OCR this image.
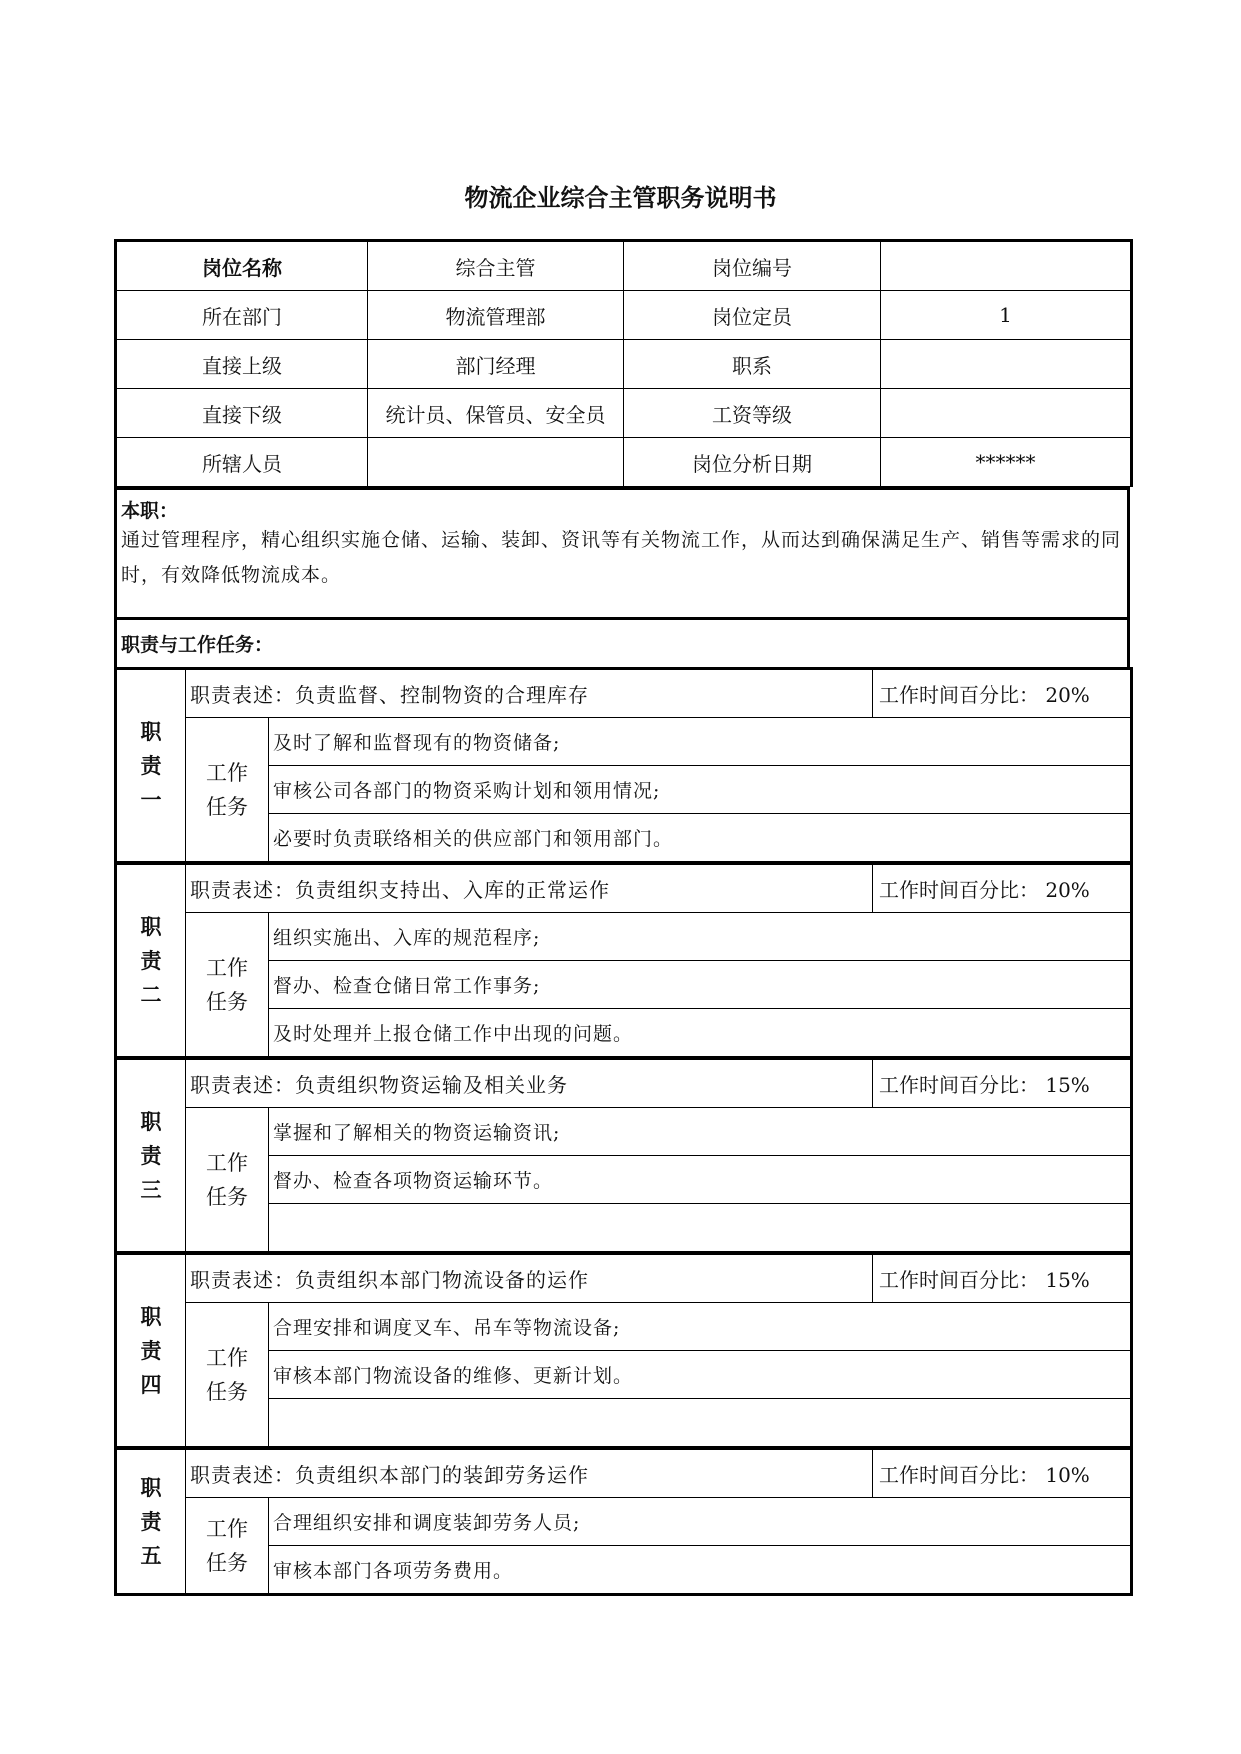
物流企业综合主管职务说明书
岗位名称	综合主管	岗位编号	
所在部门	物流管理部	岗位定员	1
直接上级	部门经理	职系	
直接下级	统计员、保管员、安全员	工资等级	
所辖人员		岗位分析日期	******
本职：
通过管理程序，精心组织实施仓储、运输、装卸、资讯等有关物流工作，从而达到确保满足生产、销售等需求的同时，有效降低物流成本。
职责与工作任务：
职
责
一	职责表述：负责监督、控制物资的合理库存		工作时间百分比： 20%

	工作
任务	及时了解和监督现有的物资储备;	
		审核公司各部门的物资采购计划和领用情况;	
		必要时负责联络相关的供应部门和领用部门。	
职
责
二	职责表述：负责组织支持出、入库的正常运作		工作时间百分比： 20%

	工作
任务	组织实施出、入库的规范程序;	
		督办、检查仓储日常工作事务;	
		及时处理并上报仓储工作中出现的问题。	
职
责
三	职责表述：负责组织物资运输及相关业务		工作时间百分比： 15%

	工作
任务	掌握和了解相关的物资运输资讯;	
		督办、检查各项物资运输环节。	

职
责
四	职责表述：负责组织本部门物流设备的运作		工作时间百分比： 15%

	工作
任务	合理安排和调度叉车、吊车等物流设备;	
		审核本部门物流设备的维修、更新计划。	

职
责
五	职责表述：负责组织本部门的装卸劳务运作		工作时间百分比： 10%

	工作
任务	合理组织安排和调度装卸劳务人员;	
		审核本部门各项劳务费用。	
